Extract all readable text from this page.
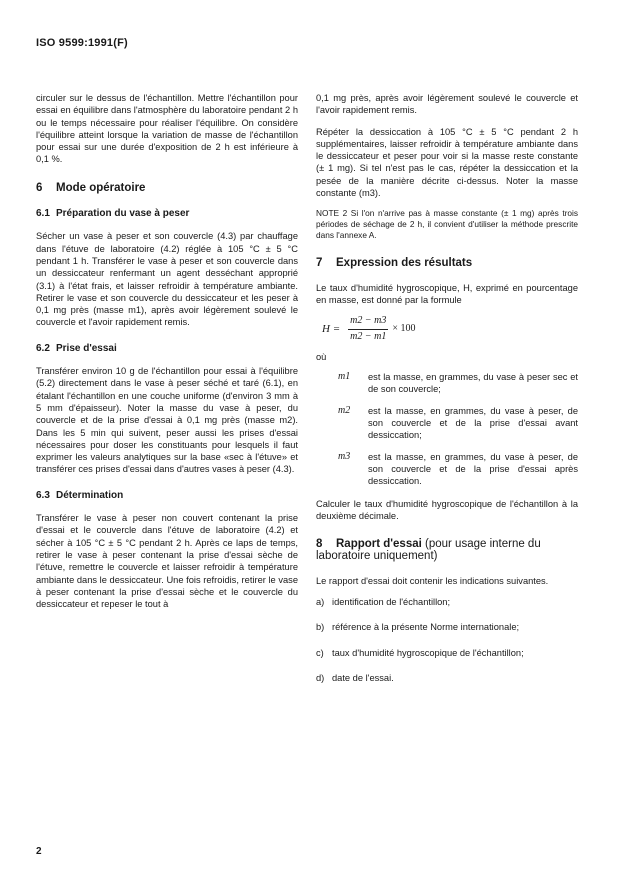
ISO 9599:1991(F)

circuler sur le dessus de l'échantillon. Mettre l'échantillon pour essai en équilibre dans l'atmosphère du laboratoire pendant 2 h ou le temps nécessaire pour réaliser l'équilibre. On considère l'équilibre atteint lorsque la variation de masse de l'échantillon pour essai sur une durée d'exposition de 2 h est inférieure à 0,1 %.

6 Mode opératoire
6.1 Préparation du vase à peser

Sécher un vase à peser et son couvercle (4.3) par chauffage dans l'étuve de laboratoire (4.2) réglée à 105 °C ± 5 °C pendant 1 h. Transférer le vase à peser et son couvercle dans un dessiccateur renfermant un agent desséchant approprié (3.1) à l'état frais, et laisser refroidir à température ambiante. Retirer le vase et son couvercle du dessiccateur et les peser à 0,1 mg près (masse m1), après avoir légèrement soulevé le couvercle et l'avoir rapidement remis.

6.2 Prise d'essai

Transférer environ 10 g de l'échantillon pour essai à l'équilibre (5.2) directement dans le vase à peser séché et taré (6.1), en étalant l'échantillon en une couche uniforme (d'environ 3 mm à 5 mm d'épaisseur). Noter la masse du vase à peser, du couvercle et de la prise d'essai à 0,1 mg près (masse m2). Dans les 5 min qui suivent, peser aussi les prises d'essai nécessaires pour doser les constituants pour lesquels il faut exprimer les valeurs analytiques sur la base «sec à l'étuve» et transférer ces prises d'essai dans d'autres vases à peser (4.3).

6.3 Détermination

Transférer le vase à peser non couvert contenant la prise d'essai et le couvercle dans l'étuve de laboratoire (4.2) et sécher à 105 °C ± 5 °C pendant 2 h. Après ce laps de temps, retirer le vase à peser contenant la prise d'essai sèche de l'étuve, remettre le couvercle et laisser refroidir à température ambiante dans le dessiccateur. Une fois refroidis, retirer le vase à peser contenant la prise d'essai sèche et le couvercle du dessiccateur et repeser le tout à

0,1 mg près, après avoir légèrement soulevé le couvercle et l'avoir rapidement remis.

Répéter la dessiccation à 105 °C ± 5 °C pendant 2 h supplémentaires, laisser refroidir à température ambiante dans le dessiccateur et peser pour voir si la masse reste constante (± 1 mg). Si tel n'est pas le cas, répéter la dessiccation et la pesée de la manière décrite ci-dessus. Noter la masse constante (m3).

NOTE 2 Si l'on n'arrive pas à masse constante (± 1 mg) après trois périodes de séchage de 2 h, il convient d'utiliser la méthode prescrite dans l'annexe A.

7 Expression des résultats

Le taux d'humidité hygroscopique, H, exprimé en pourcentage en masse, est donné par la formule

$H = \frac{m2 - m3}{m2 - m1} \times 100$
où
m1	est la masse, en grammes, du vase à peser sec et de son couvercle;
m2	est la masse, en grammes, du vase à peser, de son couvercle et de la prise d'essai avant dessiccation;
m3	est la masse, en grammes, du vase à peser, de son couvercle et de la prise d'essai après dessiccation.

Calculer le taux d'humidité hygroscopique de l'échantillon à la deuxième décimale.

8 Rapport d'essai (pour usage interne du laboratoire uniquement)

Le rapport d'essai doit contenir les indications suivantes.

a) identification de l'échantillon;
b) référence à la présente Norme internationale;
c) taux d'humidité hygroscopique de l'échantillon;
d) date de l'essai.
2
